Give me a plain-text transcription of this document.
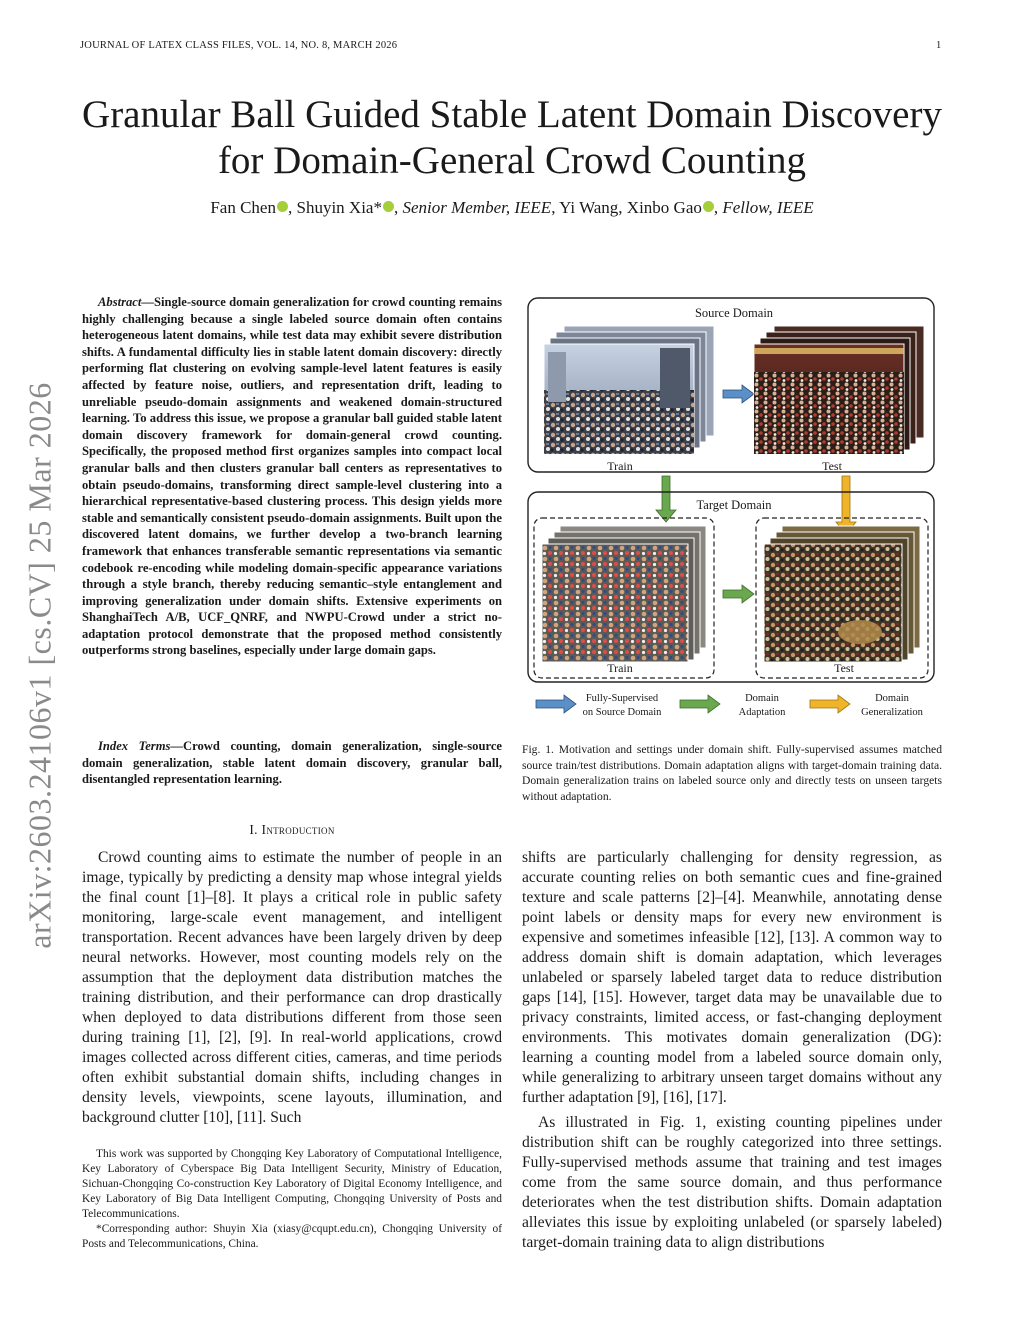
JOURNAL OF LATEX CLASS FILES, VOL. 14, NO. 8, MARCH 2026	1
arXiv:2603.24106v1 [cs.CV] 25 Mar 2026
Granular Ball Guided Stable Latent Domain Discovery for Domain-General Crowd Counting
Fan Chen , Shuyin Xia* , Senior Member, IEEE, Yi Wang, Xinbo Gao , Fellow, IEEE

Abstract—Single-source domain generalization for crowd counting remains highly challenging because a single labeled source domain often contains heterogeneous latent domains, while test data may exhibit severe distribution shifts. A fundamental difficulty lies in stable latent domain discovery: directly performing flat clustering on evolving sample-level latent features is easily affected by feature noise, outliers, and representation drift, leading to unreliable pseudo-domain assignments and weakened domain-structured learning. To address this issue, we propose a granular ball guided stable latent domain discovery framework for domain-general crowd counting. Specifically, the proposed method first organizes samples into compact local granular balls and then clusters granular ball centers as representatives to obtain pseudo-domains, transforming direct sample-level clustering into a hierarchical representative-based clustering process. This design yields more stable and semantically consistent pseudo-domain assignments. Built upon the discovered latent domains, we further develop a two-branch learning framework that enhances transferable semantic representations via semantic codebook re-encoding while modeling domain-specific appearance variations through a style branch, thereby reducing semantic–style entanglement and improving generalization under domain shifts. Extensive experiments on ShanghaiTech A/B, UCF_QNRF, and NWPU-Crowd under a strict no-adaptation protocol demonstrate that the proposed method consistently outperforms strong baselines, especially under large domain gaps.

Index Terms—Crowd counting, domain generalization, single-source domain generalization, stable latent domain discovery, granular ball, disentangled representation learning.

I. Introduction

Crowd counting aims to estimate the number of people in an image, typically by predicting a density map whose integral yields the final count [1]–[8]. It plays a critical role in public safety monitoring, large-scale event management, and intelligent transportation. Recent advances have been largely driven by deep neural networks. However, most counting models rely on the assumption that the deployment data distribution matches the training distribution, and their performance can drop drastically when deployed to data distributions different from those seen during training [1], [2], [9]. In real-world applications, crowd images collected across different cities, cameras, and time periods often exhibit substantial domain shifts, including changes in density levels, viewpoints, scene layouts, illumination, and background clutter [10], [11]. Such

shifts are particularly challenging for density regression, as accurate counting relies on both semantic cues and fine-grained texture and scale patterns [2]–[4]. Meanwhile, annotating dense point labels or density maps for every new environment is expensive and sometimes infeasible [12], [13]. A common way to address domain shift is domain adaptation, which leverages unlabeled or sparsely labeled target data to reduce distribution gaps [14], [15]. However, target data may be unavailable due to privacy constraints, limited access, or fast-changing deployment environments. This motivates domain generalization (DG): learning a counting model from a labeled source domain only, while generalizing to arbitrary unseen target domains without any further adaptation [9], [16], [17].

As illustrated in Fig. 1, existing counting pipelines under distribution shift can be roughly categorized into three settings. Fully-supervised methods assume that training and test images come from the same source domain, and thus performance deteriorates when the test distribution shifts. Domain adaptation alleviates this issue by exploiting unlabeled (or sparsely labeled) target-domain training data to align distributions

This work was supported by Chongqing Key Laboratory of Computational Intelligence, Key Laboratory of Cyberspace Big Data Intelligent Security, Ministry of Education, Sichuan-Chongqing Co-construction Key Laboratory of Digital Economy Intelligence, and Key Laboratory of Big Data Intelligent Computing, Chongqing University of Posts and Telecommunications.

*Corresponding author: Shuyin Xia (xiasy@cqupt.edu.cn), Chongqing University of Posts and Telecommunications, China.

Source Domain
Train	Test
Target Domain
Train	Test
Fully-Supervised
on Source Domain
Domain
Adaptation
Domain
Generalization

Fig. 1. Motivation and settings under domain shift. Fully-supervised assumes matched source train/test distributions. Domain adaptation aligns with target-domain training data. Domain generalization trains on labeled source only and directly tests on unseen targets without adaptation.
